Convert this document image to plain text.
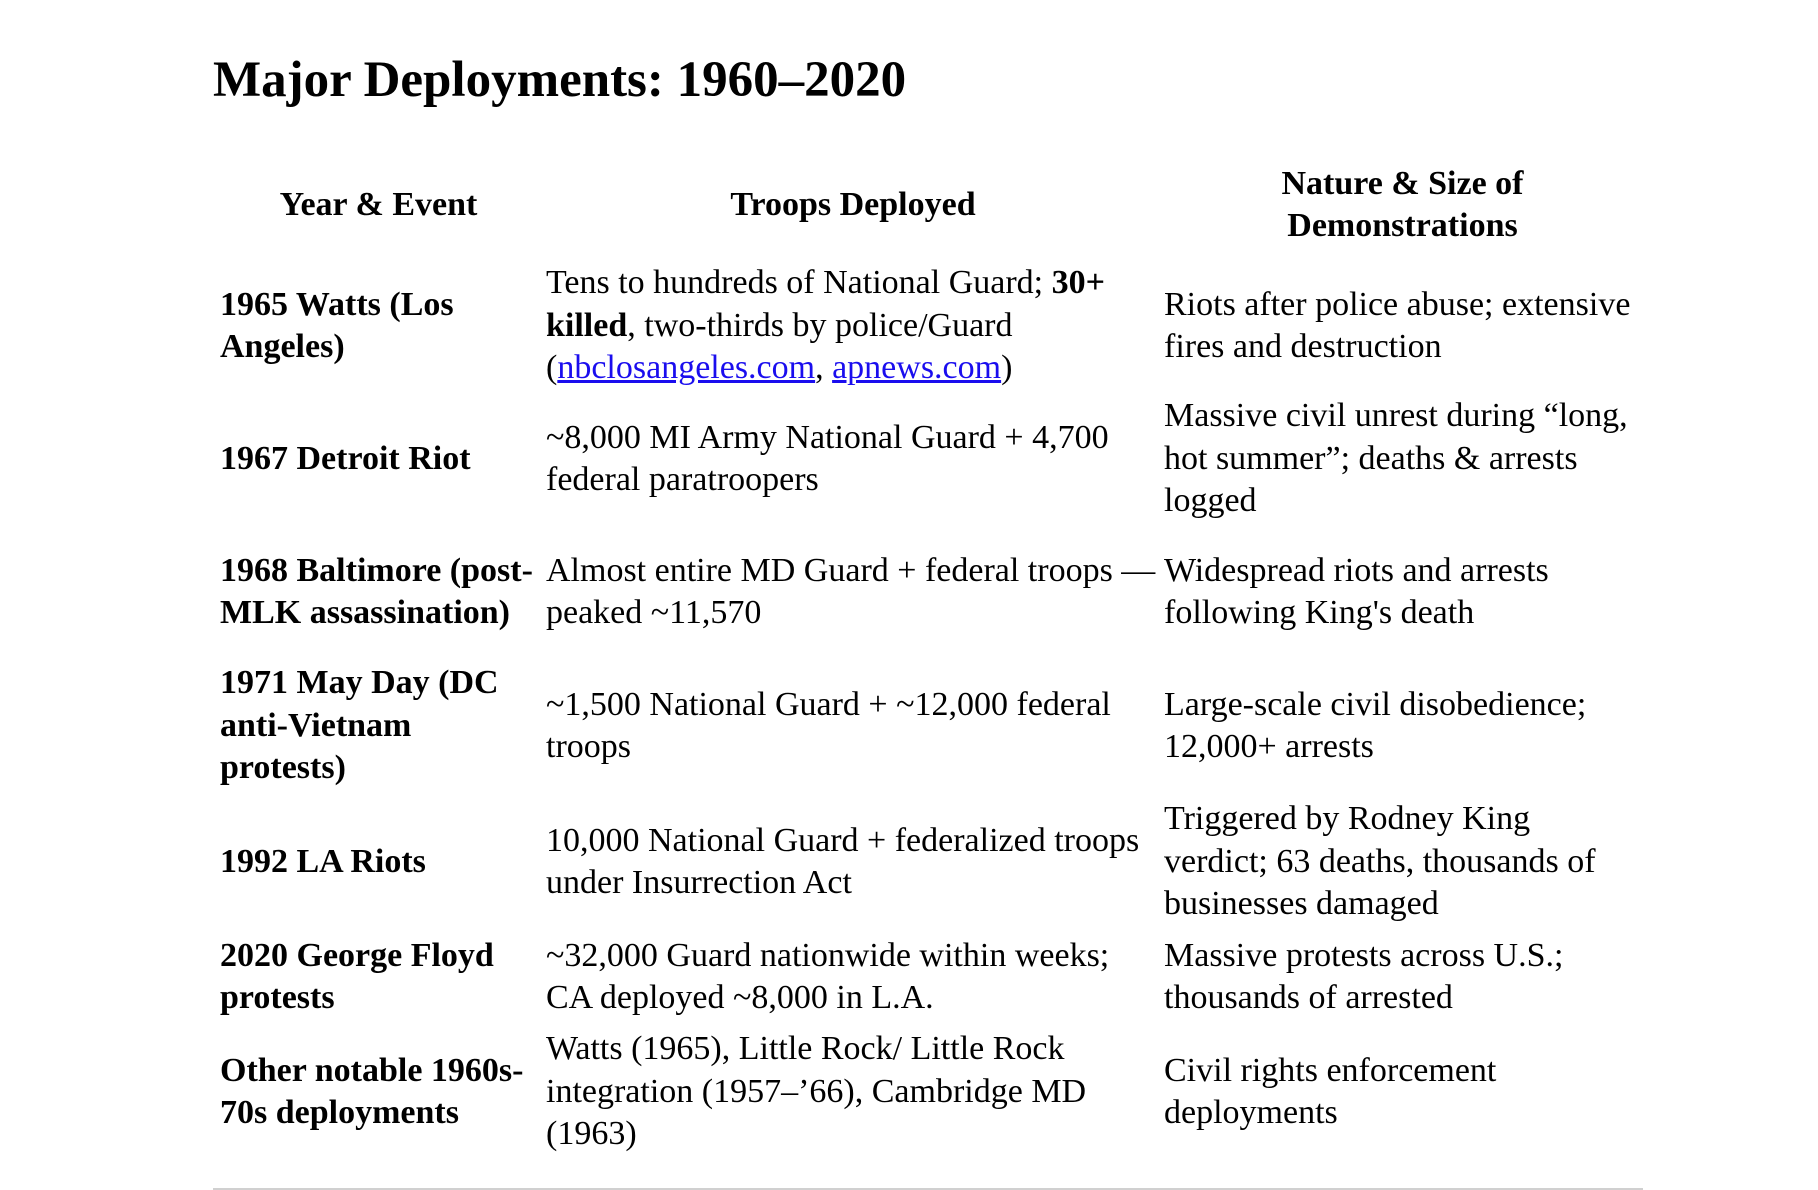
Major Deployments: 1960–2020
Year & Event	Troops Deployed	Nature & Size of Demonstrations
1965 Watts (Los Angeles)	Tens to hundreds of National Guard; 30+ killed, two-thirds by police/Guard (nbclosangeles.com, apnews.com)	Riots after police abuse; extensive fires and destruction
1967 Detroit Riot	~8,000 MI Army National Guard + 4,700 federal paratroopers	Massive civil unrest during “long, hot summer”; deaths & arrests logged
1968 Baltimore (post-MLK assassination)	Almost entire MD Guard + federal troops — peaked ~11,570	Widespread riots and arrests following King's death
1971 May Day (DC anti-Vietnam protests)	~1,500 National Guard + ~12,000 federal troops	Large-scale civil disobedience; 12,000+ arrests
1992 LA Riots	10,000 National Guard + federalized troops under Insurrection Act	Triggered by Rodney King verdict; 63 deaths, thousands of businesses damaged
2020 George Floyd protests	~32,000 Guard nationwide within weeks; CA deployed ~8,000 in L.A.	Massive protests across U.S.; thousands of arrested
Other notable 1960s-70s deployments	Watts (1965), Little Rock/ Little Rock integration (1957–’66), Cambridge MD (1963)	Civil rights enforcement deployments
